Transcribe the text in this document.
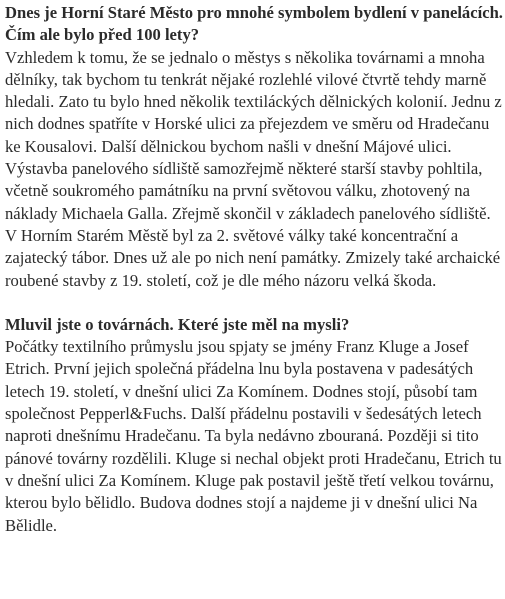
Dnes je Horní Staré Město pro mnohé symbolem bydlení v panelácích. Čím ale bylo před 100 lety?

Vzhledem k tomu, že se jednalo o městys s několika továrnami a mnoha dělníky, tak bychom tu tenkrát nějaké rozlehlé vilové čtvrtě tehdy marně hledali. Zato tu bylo hned několik textiláckých dělnických kolonií. Jednu z nich dodnes spatříte v Horské ulici za přejezdem ve směru od Hradečanu ke Kousalovi. Další dělnickou bychom našli v dnešní Májové ulici. Výstavba panelového sídliště samozřejmě některé starší stavby pohltila, včetně soukromého památníku na první světovou válku, zhotovený na náklady Michaela Galla. Zřejmě skončil v základech panelového sídliště. V Horním Starém Městě byl za 2. světové války také koncentrační a zajatecký tábor. Dnes už ale po nich není památky. Zmizely také archaické roubené stavby z 19. století, což je dle mého názoru velká škoda.

Mluvil jste o továrnách. Které jste měl na mysli?

Počátky textilního průmyslu jsou spjaty se jmény Franz Kluge a Josef Etrich. První jejich společná přádelna lnu byla postavena v padesátých letech 19. století, v dnešní ulici Za Komínem. Dodnes stojí, působí tam společnost Pepperl&Fuchs. Další přádelnu postavili v šedesátých letech naproti dnešnímu Hradečanu. Ta byla nedávno zbouraná. Později si tito pánové továrny rozdělili. Kluge si nechal objekt proti Hradečanu, Etrich tu v dnešní ulici Za Komínem. Kluge pak postavil ještě třetí velkou továrnu, kterou bylo bělidlo. Budova dodnes stojí a najdeme ji v dnešní ulici Na Bělidle.
